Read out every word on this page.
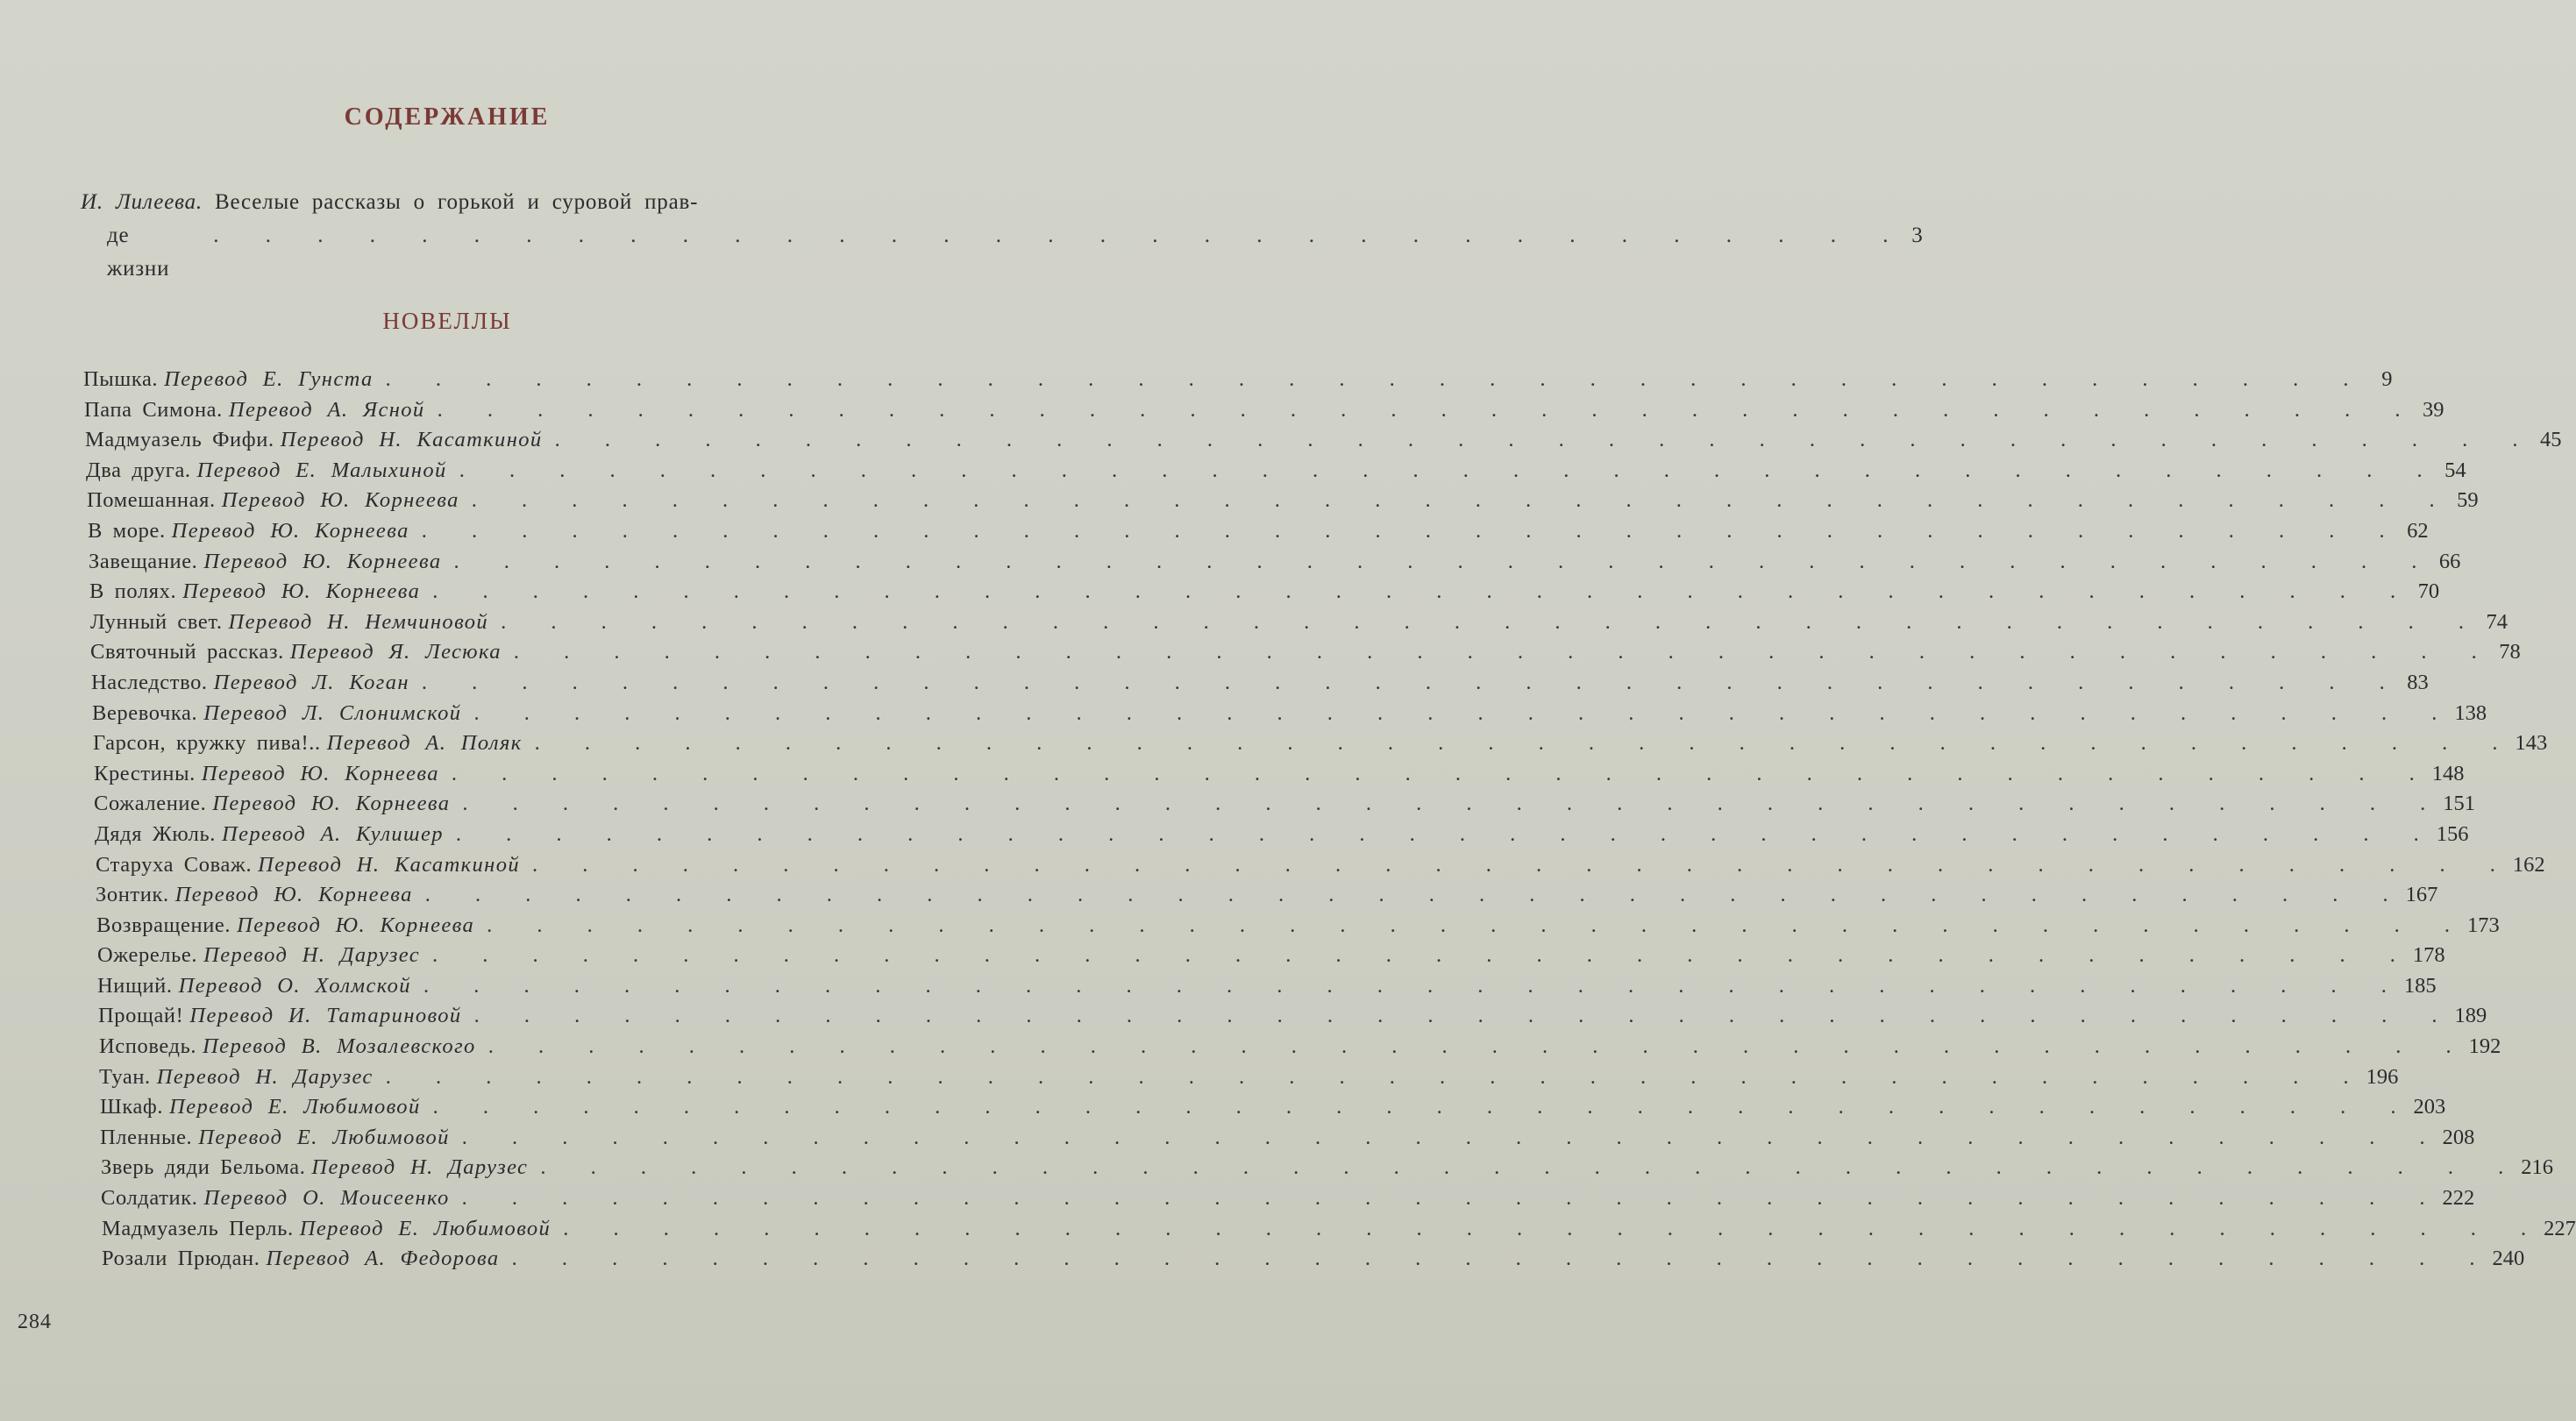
СОДЕРЖАНИЕ
И. Лилеева. Веселые рассказы о горькой и суровой прав-
де жизни
. . . . . . . . . . . . . . . . . . . . . . . . . . . . . . . . . 3
НОВЕЛЛЫ
Пышка. Перевод Е. Гунста . . . . . . . . . . . . . . . . . . . . . . . . . . . . . . . . . . . . . . . . 9
Папа Симона. Перевод А. Ясной . . . . . . . . . . . . . . . . . . . . . . . . . . . . . . . . . . . . . . . . 39
Мадмуазель Фифи. Перевод Н. Касаткиной . . . . . . . . . . . . . . . . . . . . . . . . . . . . . . . . . . . . . . . . 45
Два друга. Перевод Е. Малыхиной . . . . . . . . . . . . . . . . . . . . . . . . . . . . . . . . . . . . . . . . 54
Помешанная. Перевод Ю. Корнеева . . . . . . . . . . . . . . . . . . . . . . . . . . . . . . . . . . . . . . . . 59
В море. Перевод Ю. Корнеева . . . . . . . . . . . . . . . . . . . . . . . . . . . . . . . . . . . . . . . . 62
Завещание. Перевод Ю. Корнеева . . . . . . . . . . . . . . . . . . . . . . . . . . . . . . . . . . . . . . . . 66
В полях. Перевод Ю. Корнеева . . . . . . . . . . . . . . . . . . . . . . . . . . . . . . . . . . . . . . . . 70
Лунный свет. Перевод Н. Немчиновой . . . . . . . . . . . . . . . . . . . . . . . . . . . . . . . . . . . . . . . . 74
Святочный рассказ. Перевод Я. Лесюка . . . . . . . . . . . . . . . . . . . . . . . . . . . . . . . . . . . . . . . . 78
Наследство. Перевод Л. Коган . . . . . . . . . . . . . . . . . . . . . . . . . . . . . . . . . . . . . . . . 83
Веревочка. Перевод Л. Слонимской . . . . . . . . . . . . . . . . . . . . . . . . . . . . . . . . . . . . . . . . 138
Гарсон, кружку пива!.. Перевод А. Поляк . . . . . . . . . . . . . . . . . . . . . . . . . . . . . . . . . . . . . . . . 143
Крестины. Перевод Ю. Корнеева . . . . . . . . . . . . . . . . . . . . . . . . . . . . . . . . . . . . . . . . 148
Сожаление. Перевод Ю. Корнеева . . . . . . . . . . . . . . . . . . . . . . . . . . . . . . . . . . . . . . . . 151
Дядя Жюль. Перевод А. Кулишер . . . . . . . . . . . . . . . . . . . . . . . . . . . . . . . . . . . . . . . . 156
Старуха Соваж. Перевод Н. Касаткиной . . . . . . . . . . . . . . . . . . . . . . . . . . . . . . . . . . . . . . . . 162
Зонтик. Перевод Ю. Корнеева . . . . . . . . . . . . . . . . . . . . . . . . . . . . . . . . . . . . . . . . 167
Возвращение. Перевод Ю. Корнеева . . . . . . . . . . . . . . . . . . . . . . . . . . . . . . . . . . . . . . . . 173
Ожерелье. Перевод Н. Дарузес . . . . . . . . . . . . . . . . . . . . . . . . . . . . . . . . . . . . . . . . 178
Нищий. Перевод О. Холмской . . . . . . . . . . . . . . . . . . . . . . . . . . . . . . . . . . . . . . . . 185
Прощай! Перевод И. Татариновой . . . . . . . . . . . . . . . . . . . . . . . . . . . . . . . . . . . . . . . . 189
Исповедь. Перевод В. Мозалевского . . . . . . . . . . . . . . . . . . . . . . . . . . . . . . . . . . . . . . . . 192
Туан. Перевод Н. Дарузес . . . . . . . . . . . . . . . . . . . . . . . . . . . . . . . . . . . . . . . . 196
Шкаф. Перевод Е. Любимовой . . . . . . . . . . . . . . . . . . . . . . . . . . . . . . . . . . . . . . . . 203
Пленные. Перевод Е. Любимовой . . . . . . . . . . . . . . . . . . . . . . . . . . . . . . . . . . . . . . . . 208
Зверь дяди Бельома. Перевод Н. Дарузес . . . . . . . . . . . . . . . . . . . . . . . . . . . . . . . . . . . . . . . . 216
Солдатик. Перевод О. Моисеенко . . . . . . . . . . . . . . . . . . . . . . . . . . . . . . . . . . . . . . . . 222
Мадмуазель Перль. Перевод Е. Любимовой . . . . . . . . . . . . . . . . . . . . . . . . . . . . . . . . . . . . . . . . 227
Розали Прюдан. Перевод А. Федорова . . . . . . . . . . . . . . . . . . . . . . . . . . . . . . . . . . . . . . . . 240
284
